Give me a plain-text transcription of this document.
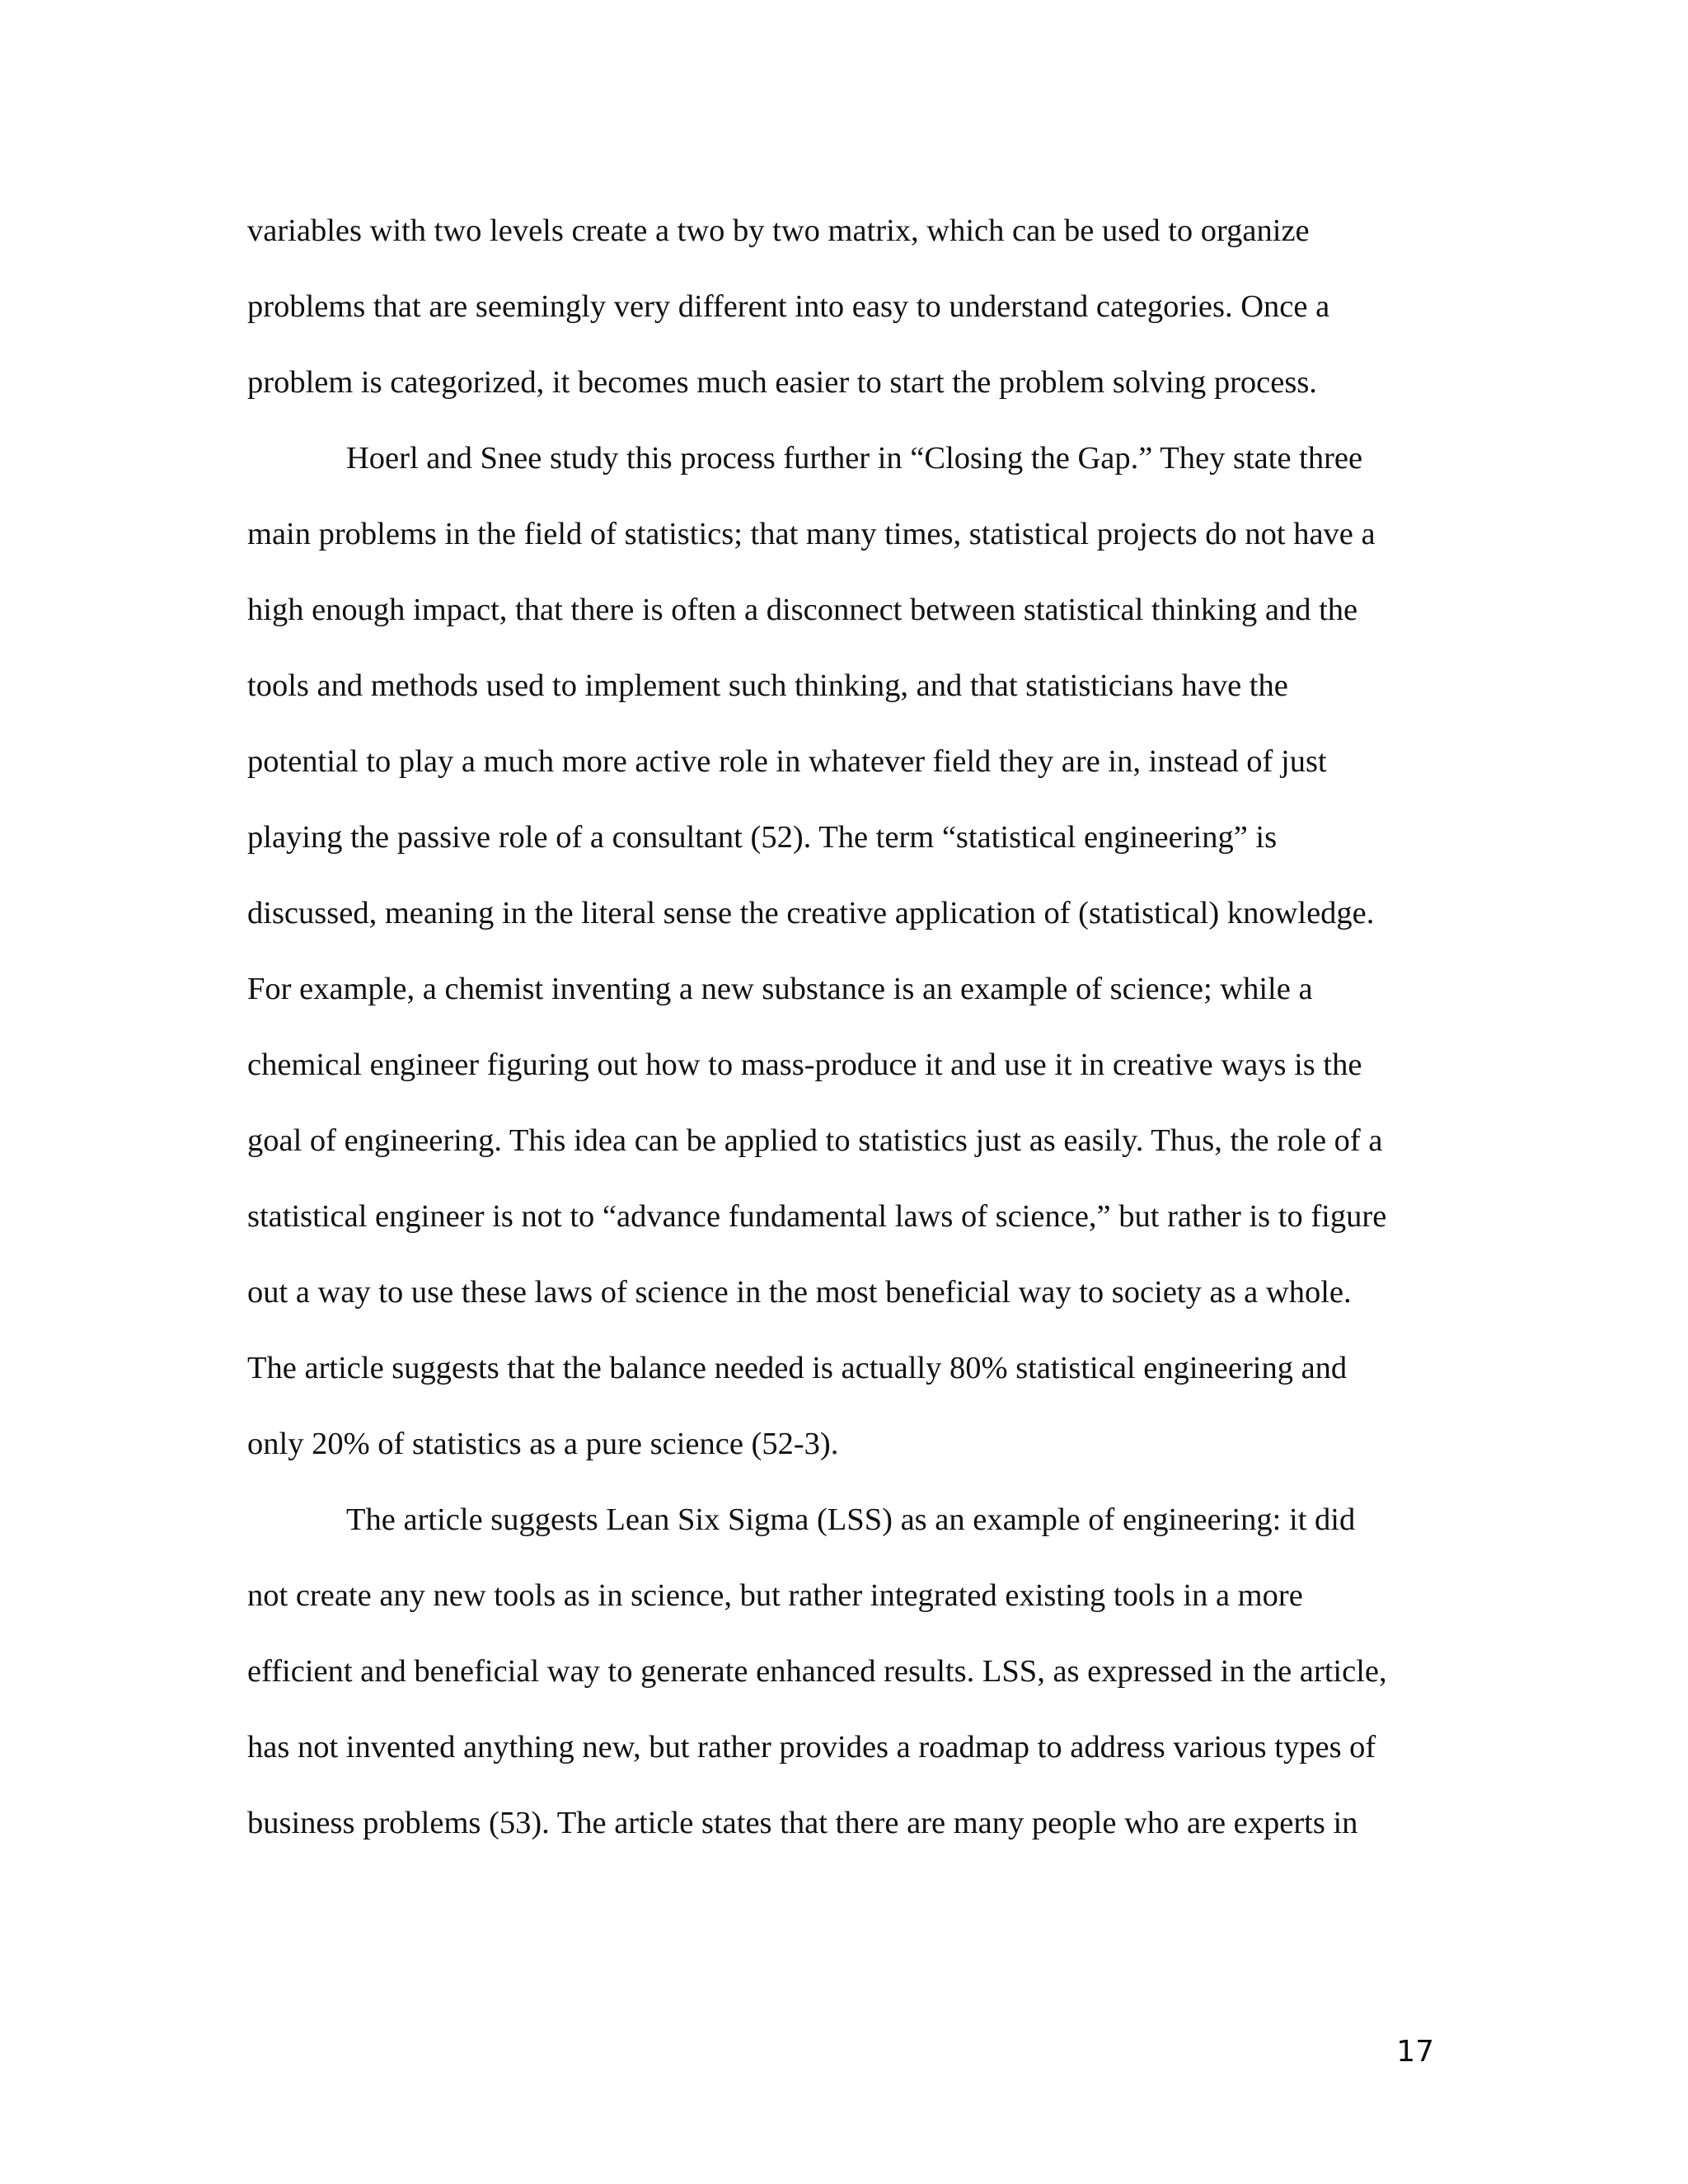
variables with two levels create a two by two matrix, which can be used to organize
problems that are seemingly very different into easy to understand categories. Once a
problem is categorized, it becomes much easier to start the problem solving process.
Hoerl and Snee study this process further in “Closing the Gap.” They state three
main problems in the field of statistics; that many times, statistical projects do not have a
high enough impact, that there is often a disconnect between statistical thinking and the
tools and methods used to implement such thinking, and that statisticians have the
potential to play a much more active role in whatever field they are in, instead of just
playing the passive role of a consultant (52). The term “statistical engineering” is
discussed, meaning in the literal sense the creative application of (statistical) knowledge.
For example, a chemist inventing a new substance is an example of science; while a
chemical engineer figuring out how to mass-produce it and use it in creative ways is the
goal of engineering. This idea can be applied to statistics just as easily. Thus, the role of a
statistical engineer is not to “advance fundamental laws of science,” but rather is to figure
out a way to use these laws of science in the most beneficial way to society as a whole.
The article suggests that the balance needed is actually 80% statistical engineering and
only 20% of statistics as a pure science (52-3).
The article suggests Lean Six Sigma (LSS) as an example of engineering: it did
not create any new tools as in science, but rather integrated existing tools in a more
efficient and beneficial way to generate enhanced results. LSS, as expressed in the article,
has not invented anything new, but rather provides a roadmap to address various types of
business problems (53). The article states that there are many people who are experts in
17
